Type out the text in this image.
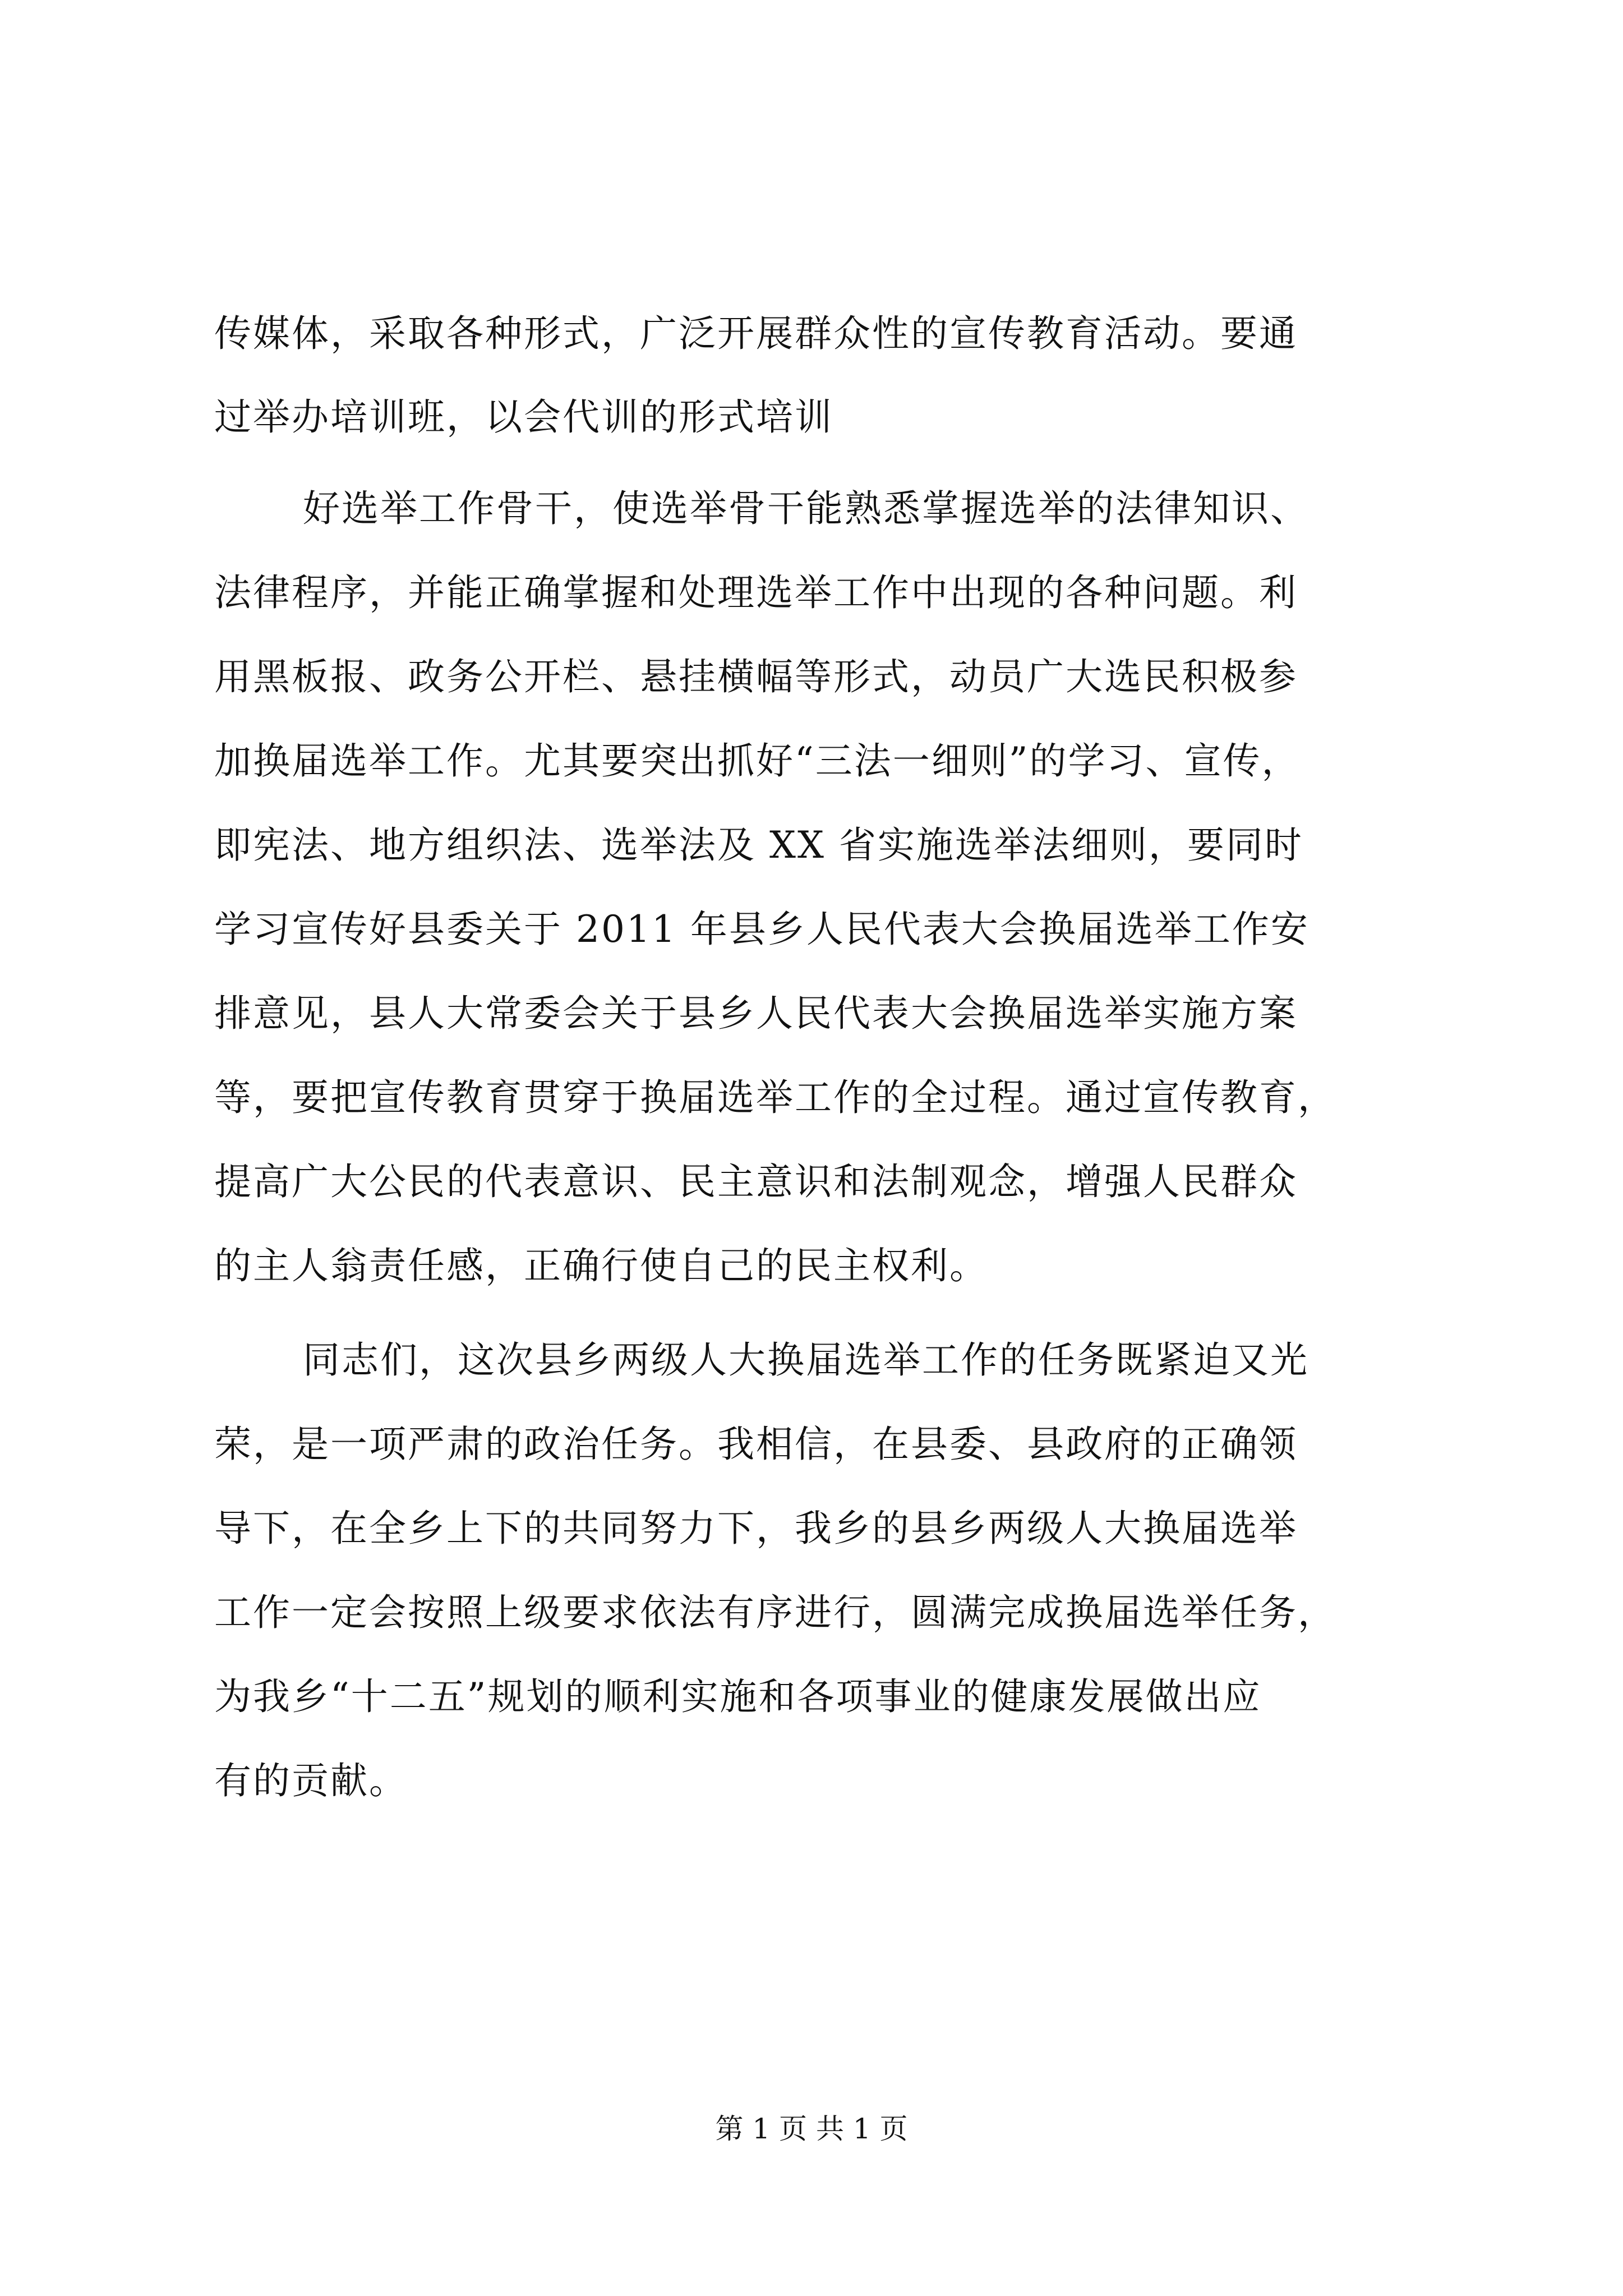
传媒体，采取各种形式，广泛开展群众性的宣传教育活动。要通
过举办培训班，以会代训的形式培训
好选举工作骨干，使选举骨干能熟悉掌握选举的法律知识、
法律程序，并能正确掌握和处理选举工作中出现的各种问题。利
用黑板报、政务公开栏、悬挂横幅等形式，动员广大选民积极参
加换届选举工作。尤其要突出抓好“三法一细则”的学习、宣传，
即宪法、地方组织法、选举法及 XX 省实施选举法细则，要同时
学习宣传好县委关于 2011 年县乡人民代表大会换届选举工作安
排意见，县人大常委会关于县乡人民代表大会换届选举实施方案
等，要把宣传教育贯穿于换届选举工作的全过程。通过宣传教育，
提高广大公民的代表意识、民主意识和法制观念，增强人民群众
的主人翁责任感，正确行使自己的民主权利。
同志们，这次县乡两级人大换届选举工作的任务既紧迫又光
荣，是一项严肃的政治任务。我相信，在县委、县政府的正确领
导下，在全乡上下的共同努力下，我乡的县乡两级人大换届选举
工作一定会按照上级要求依法有序进行，圆满完成换届选举任务，
为我乡“十二五”规划的顺利实施和各项事业的健康发展做出应
有的贡献。
第 1 页 共 1 页
